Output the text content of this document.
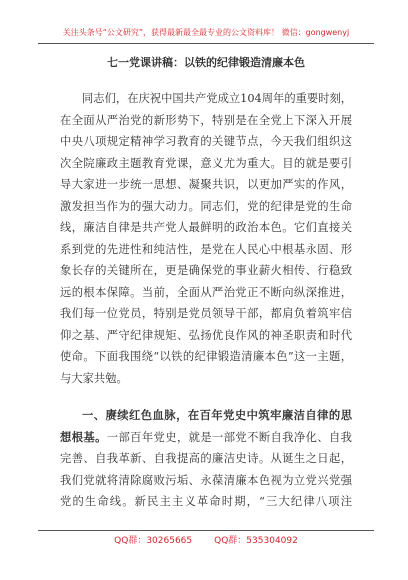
关注头条号“公文研究”，获得最新最全最专业的公文资料库！ 微信：gongwenyj
七一党课讲稿：以铁的纪律锻造清廉本色
同志们，在庆祝中国共产党成立104周年的重要时刻，
在全面从严治党的新形势下，特别是在全党上下深入开展
中央八项规定精神学习教育的关键节点，今天我们组织这
次全院廉政主题教育党课，意义尤为重大。目的就是要引
导大家进一步统一思想、凝聚共识，以更加严实的作风，
激发担当作为的强大动力。同志们，党的纪律是党的生命
线，廉洁自律是共产党人最鲜明的政治本色。它们直接关
系到党的先进性和纯洁性，是党在人民心中根基永固、形
象长存的关键所在，更是确保党的事业薪火相传、行稳致
远的根本保障。当前，全面从严治党正不断向纵深推进，
我们每一位党员，特别是党员领导干部，都肩负着筑牢信
仰之基、严守纪律规矩、弘扬优良作风的神圣职责和时代
使命。下面我围绕“以铁的纪律锻造清廉本色”这一主题，
与大家共勉。
一、赓续红色血脉，在百年党史中筑牢廉洁自律的思
想根基。一部百年党史，就是一部党不断自我净化、自我
完善、自我革新、自我提高的廉洁史诗。从诞生之日起，
我们党就将清除腐败污垢、永葆清廉本色视为立党兴党强
党的生命线。新民主主义革命时期，“三大纪律八项注
QQ群：30265665 QQ群：535304092
